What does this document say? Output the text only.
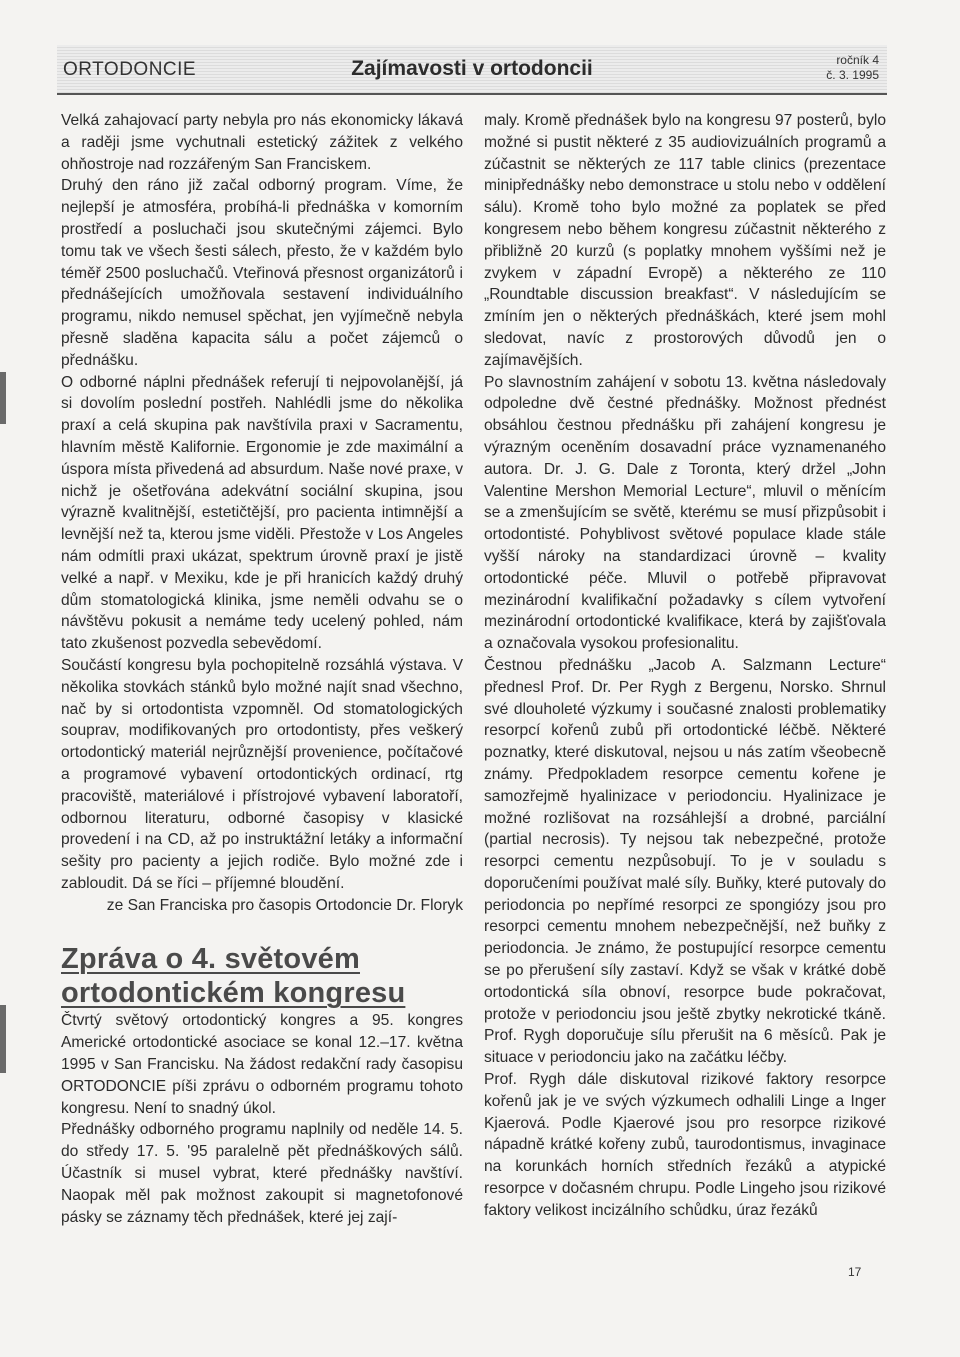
ORTODONCIE	Zajímavosti v ortodoncii	ročník 4
č. 3. 1995

Velká zahajovací party nebyla pro nás ekonomicky lákavá a raději jsme vychutnali estetický zážitek z velkého ohňostroje nad rozzářeným San Franciskem.

Druhý den ráno již začal odborný program. Víme, že nejlepší je atmosféra, probíhá-li přednáška v komorním prostředí a posluchači jsou skutečnými zájemci. Bylo tomu tak ve všech šesti sálech, přesto, že v každém bylo téměř 2500 posluchačů. Vteřinová přesnost organizátorů i přednášejících umožňovala sestavení individuálního programu, nikdo nemusel spěchat, jen vyjímečně nebyla přesně sladěna kapacita sálu a počet zájemců o přednášku.

O odborné náplni přednášek referují ti nejpovolanější, já si dovolím poslední postřeh. Nahlédli jsme do několika praxí a celá skupina pak navštívila praxi v Sacramentu, hlavním městě Kalifornie. Ergonomie je zde maximální a úspora místa přivedená ad absurdum. Naše nové praxe, v nichž je ošetřována adekvátní sociální skupina, jsou výrazně kvalitnější, estetičtější, pro pacienta intimnější a levnější než ta, kterou jsme viděli. Přestože v Los Angeles nám odmítli praxi ukázat, spektrum úrovně praxí je jistě velké a např. v Mexiku, kde je při hranicích každý druhý dům stomatologická klinika, jsme neměli odvahu se o návštěvu pokusit a nemáme tedy ucelený pohled, nám tato zkušenost pozvedla sebevědomí.

Součástí kongresu byla pochopitelně rozsáhlá výstava. V několika stovkách stánků bylo možné najít snad všechno, nač by si ortodontista vzpomněl. Od stomatologických souprav, modifikovaných pro ortodontisty, přes veškerý ortodontický materiál nejrůznější provenience, počítačové a programové vybavení ortodontických ordinací, rtg pracoviště, materiálové i přístrojové vybavení laboratoří, odbornou literaturu, odborné časopisy v klasické provedení i na CD, až po instruktážní letáky a informační sešity pro pacienty a jejich rodiče. Bylo možné zde i zabloudit. Dá se říci – příjemné bloudění.

ze San Franciska pro časopis Ortodoncie Dr. Floryk

Zpráva o 4. světovém ortodontickém kongresu

Čtvrtý světový ortodontický kongres a 95. kongres Americké ortodontické asociace se konal 12.–17. května 1995 v San Francisku. Na žádost redakční rady časopisu ORTODONCIE píši zprávu o odborném programu tohoto kongresu. Není to snadný úkol.

Přednášky odborného programu naplnily od neděle 14. 5. do středy 17. 5. '95 paralelně pět přednáškových sálů. Účastník si musel vybrat, které přednášky navštíví. Naopak měl pak možnost zakoupit si magnetofonové pásky se záznamy těch přednášek, které jej zají-

maly. Kromě přednášek bylo na kongresu 97 posterů, bylo možné si pustit některé z 35 audiovizuálních programů a zúčastnit se některých ze 117 table clinics (prezentace minipřednášky nebo demonstrace u stolu nebo v oddělení sálu). Kromě toho bylo možné za poplatek se před kongresem nebo během kongresu zúčastnit některého z přibližně 20 kurzů (s poplatky mnohem vyššími než je zvykem v západní Evropě) a některého ze 110 „Roundtable discussion breakfast“. V následujícím se zmíním jen o některých přednáškách, které jsem mohl sledovat, navíc z prostorových důvodů jen o zajímavějších.

Po slavnostním zahájení v sobotu 13. května následovaly odpoledne dvě čestné přednášky. Možnost přednést obsáhlou čestnou přednášku při zahájení kongresu je výrazným oceněním dosavadní práce vyznamenaného autora. Dr. J. G. Dale z Toronta, který držel „John Valentine Mershon Memorial Lecture“, mluvil o měnícím se a zmenšujícím se světě, kterému se musí přizpůsobit i ortodontisté. Pohyblivost světové populace klade stále vyšší nároky na standardizaci úrovně – kvality ortodontické péče. Mluvil o potřebě připravovat mezinárodní kvalifikační požadavky s cílem vytvoření mezinárodní ortodontické kvalifikace, která by zajišťovala a označovala vysokou profesionalitu.

Čestnou přednášku „Jacob A. Salzmann Lecture“ přednesl Prof. Dr. Per Rygh z Bergenu, Norsko. Shrnul své dlouholeté výzkumy i současné znalosti problematiky resorpcí kořenů zubů při ortodontické léčbě. Některé poznatky, které diskutoval, nejsou u nás zatím všeobecně známy. Předpokladem resorpce cementu kořene je samozřejmě hyalinizace v periodonciu. Hyalinizace je možné rozlišovat na rozsáhlejší a drobné, parciální (partial necrosis). Ty nejsou tak nebezpečné, protože resorpci cementu nezpůsobují. To je v souladu s doporučeními používat malé síly. Buňky, které putovaly do periodoncia po nepřímé resorpci ze spongiózy jsou pro resorpci cementu mnohem nebezpečnější, než buňky z periodoncia. Je známo, že postupující resorpce cementu se po přerušení síly zastaví. Když se však v krátké době ortodontická síla obnoví, resorpce bude pokračovat, protože v periodonciu jsou ještě zbytky nekrotické tkáně. Prof. Rygh doporučuje sílu přerušit na 6 měsíců. Pak je situace v periodonciu jako na začátku léčby.

Prof. Rygh dále diskutoval rizikové faktory resorpce kořenů jak je ve svých výzkumech odhalili Linge a Inger Kjaerová. Podle Kjaerové jsou pro resorpce rizikové nápadně krátké kořeny zubů, taurodontismus, invaginace na korunkách horních středních řezáků a atypické resorpce v dočasném chrupu. Podle Lingeho jsou rizikové faktory velikost incizálního schůdku, úraz řezáků

17
